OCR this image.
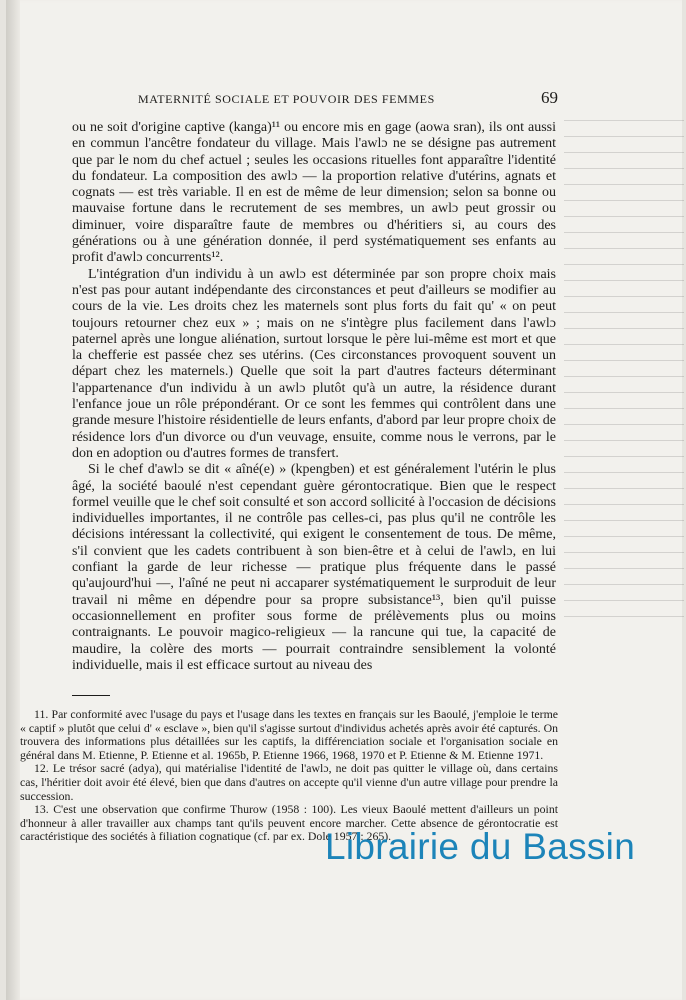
MATERNITÉ SOCIALE ET POUVOIR DES FEMMES	69

ou ne soit d'origine captive (kanga)¹¹ ou encore mis en gage (aowa sran), ils ont aussi en commun l'ancêtre fondateur du village. Mais l'awlɔ ne se désigne pas autrement que par le nom du chef actuel ; seules les occasions rituelles font apparaître l'identité du fondateur. La composition des awlɔ — la proportion relative d'utérins, agnats et cognats — est très variable. Il en est de même de leur dimension; selon sa bonne ou mauvaise fortune dans le recrutement de ses membres, un awlɔ peut grossir ou diminuer, voire disparaître faute de membres ou d'héritiers si, au cours des générations ou à une génération donnée, il perd systématiquement ses enfants au profit d'awlɔ concurrents¹².

L'intégration d'un individu à un awlɔ est déterminée par son propre choix mais n'est pas pour autant indépendante des circonstances et peut d'ailleurs se modifier au cours de la vie. Les droits chez les maternels sont plus forts du fait qu' « on peut toujours retourner chez eux » ; mais on ne s'intègre plus facilement dans l'awlɔ paternel après une longue aliénation, surtout lorsque le père lui-même est mort et que la chefferie est passée chez ses utérins. (Ces circonstances provoquent souvent un départ chez les maternels.) Quelle que soit la part d'autres facteurs déterminant l'appartenance d'un individu à un awlɔ plutôt qu'à un autre, la résidence durant l'enfance joue un rôle prépondérant. Or ce sont les femmes qui contrôlent dans une grande mesure l'histoire résidentielle de leurs enfants, d'abord par leur propre choix de résidence lors d'un divorce ou d'un veuvage, ensuite, comme nous le verrons, par le don en adoption ou d'autres formes de transfert.

Si le chef d'awlɔ se dit « aîné(e) » (kpengben) et est généralement l'utérin le plus âgé, la société baoulé n'est cependant guère gérontocratique. Bien que le respect formel veuille que le chef soit consulté et son accord sollicité à l'occasion de décisions individuelles importantes, il ne contrôle pas celles-ci, pas plus qu'il ne contrôle les décisions intéressant la collectivité, qui exigent le consentement de tous. De même, s'il convient que les cadets contribuent à son bien-être et à celui de l'awlɔ, en lui confiant la garde de leur richesse — pratique plus fréquente dans le passé qu'aujourd'hui —, l'aîné ne peut ni accaparer systématiquement le surproduit de leur travail ni même en dépendre pour sa propre subsistance¹³, bien qu'il puisse occasionnellement en profiter sous forme de prélèvements plus ou moins contraignants. Le pouvoir magico-religieux — la rancune qui tue, la capacité de maudire, la colère des morts — pourrait contraindre sensiblement la volonté individuelle, mais il est efficace surtout au niveau des

11. Par conformité avec l'usage du pays et l'usage dans les textes en français sur les Baoulé, j'emploie le terme « captif » plutôt que celui d' « esclave », bien qu'il s'agisse surtout d'individus achetés après avoir été capturés. On trouvera des informations plus détaillées sur les captifs, la différenciation sociale et l'organisation sociale en général dans M. Etienne, P. Etienne et al. 1965b, P. Etienne 1966, 1968, 1970 et P. Etienne & M. Etienne 1971.

12. Le trésor sacré (adya), qui matérialise l'identité de l'awlɔ, ne doit pas quitter le village où, dans certains cas, l'héritier doit avoir été élevé, bien que dans d'autres on accepte qu'il vienne d'un autre village pour prendre la succession.

13. C'est une observation que confirme Thurow (1958 : 100). Les vieux Baoulé mettent d'ailleurs un point d'honneur à aller travailler aux champs tant qu'ils peuvent encore marcher. Cette absence de gérontocratie est caractéristique des sociétés à filiation cognatique (cf. par ex. Dole 1957 : 265).

Librairie du Bassin
